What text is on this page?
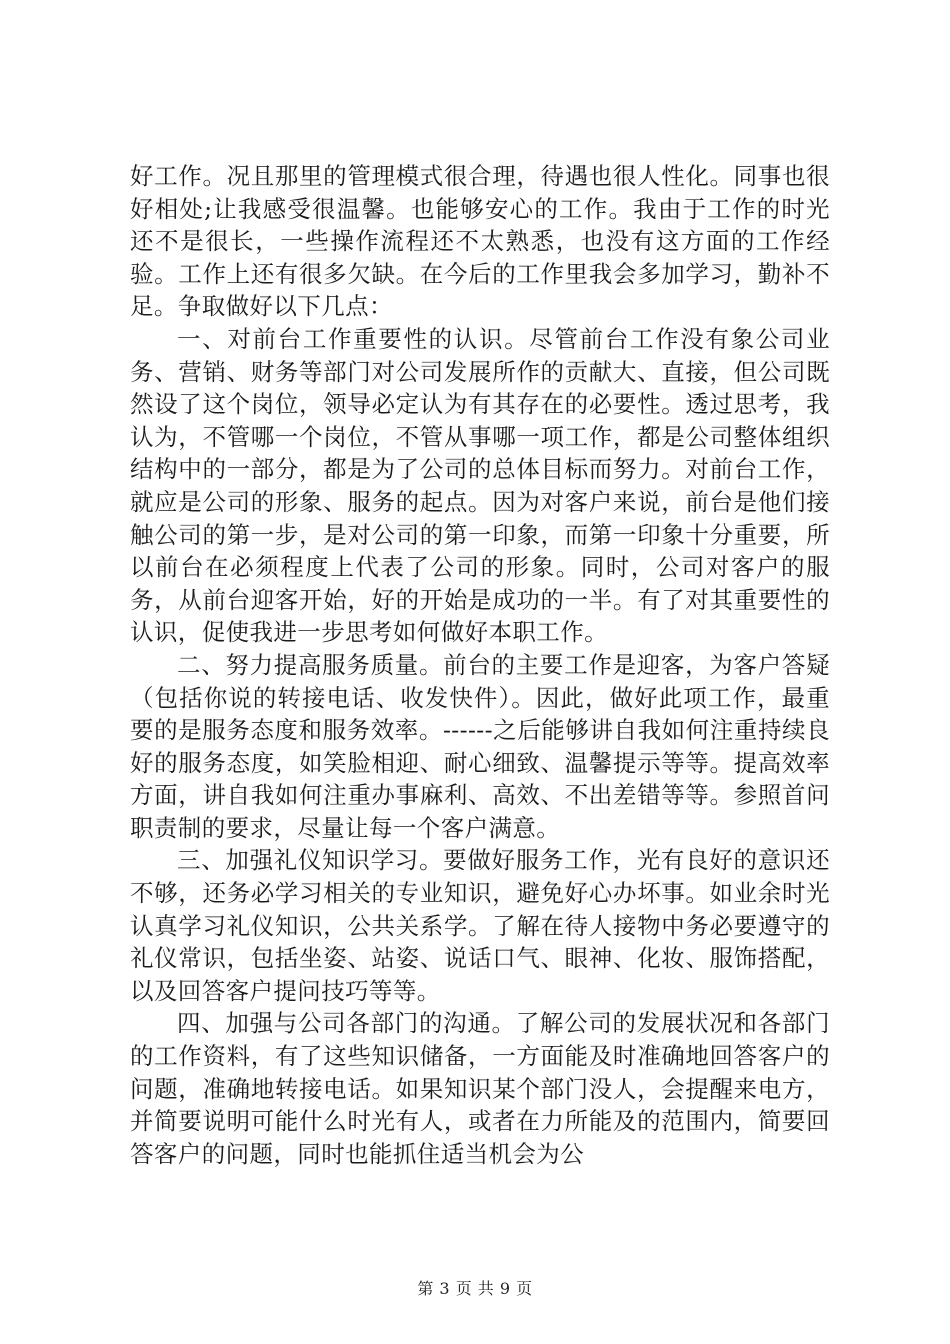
好工作。况且那里的管理模式很合理，待遇也很人性化。同事也很好相处;让我感受很温馨。也能够安心的工作。我由于工作的时光还不是很长，一些操作流程还不太熟悉，也没有这方面的工作经验。工作上还有很多欠缺。在今后的工作里我会多加学习，勤补不足。争取做好以下几点：

一、对前台工作重要性的认识。尽管前台工作没有象公司业务、营销、财务等部门对公司发展所作的贡献大、直接，但公司既然设了这个岗位，领导必定认为有其存在的必要性。透过思考，我认为，不管哪一个岗位，不管从事哪一项工作，都是公司整体组织结构中的一部分，都是为了公司的总体目标而努力。对前台工作，就应是公司的形象、服务的起点。因为对客户来说，前台是他们接触公司的第一步，是对公司的第一印象，而第一印象十分重要，所以前台在必须程度上代表了公司的形象。同时，公司对客户的服务，从前台迎客开始，好的开始是成功的一半。有了对其重要性的认识，促使我进一步思考如何做好本职工作。

二、努力提高服务质量。前台的主要工作是迎客，为客户答疑（包括你说的转接电话、收发快件）。因此，做好此项工作，最重要的是服务态度和服务效率。------之后能够讲自我如何注重持续良好的服务态度，如笑脸相迎、耐心细致、温馨提示等等。提高效率方面，讲自我如何注重办事麻利、高效、不出差错等等。参照首问职责制的要求，尽量让每一个客户满意。

三、加强礼仪知识学习。要做好服务工作，光有良好的意识还不够，还务必学习相关的专业知识，避免好心办坏事。如业余时光认真学习礼仪知识，公共关系学。了解在待人接物中务必要遵守的礼仪常识，包括坐姿、站姿、说话口气、眼神、化妆、服饰搭配，以及回答客户提问技巧等等。

四、加强与公司各部门的沟通。了解公司的发展状况和各部门的工作资料，有了这些知识储备，一方面能及时准确地回答客户的问题，准确地转接电话。如果知识某个部门没人，会提醒来电方，并简要说明可能什么时光有人，或者在力所能及的范围内，简要回答客户的问题，同时也能抓住适当机会为公

第 3 页 共 9 页
